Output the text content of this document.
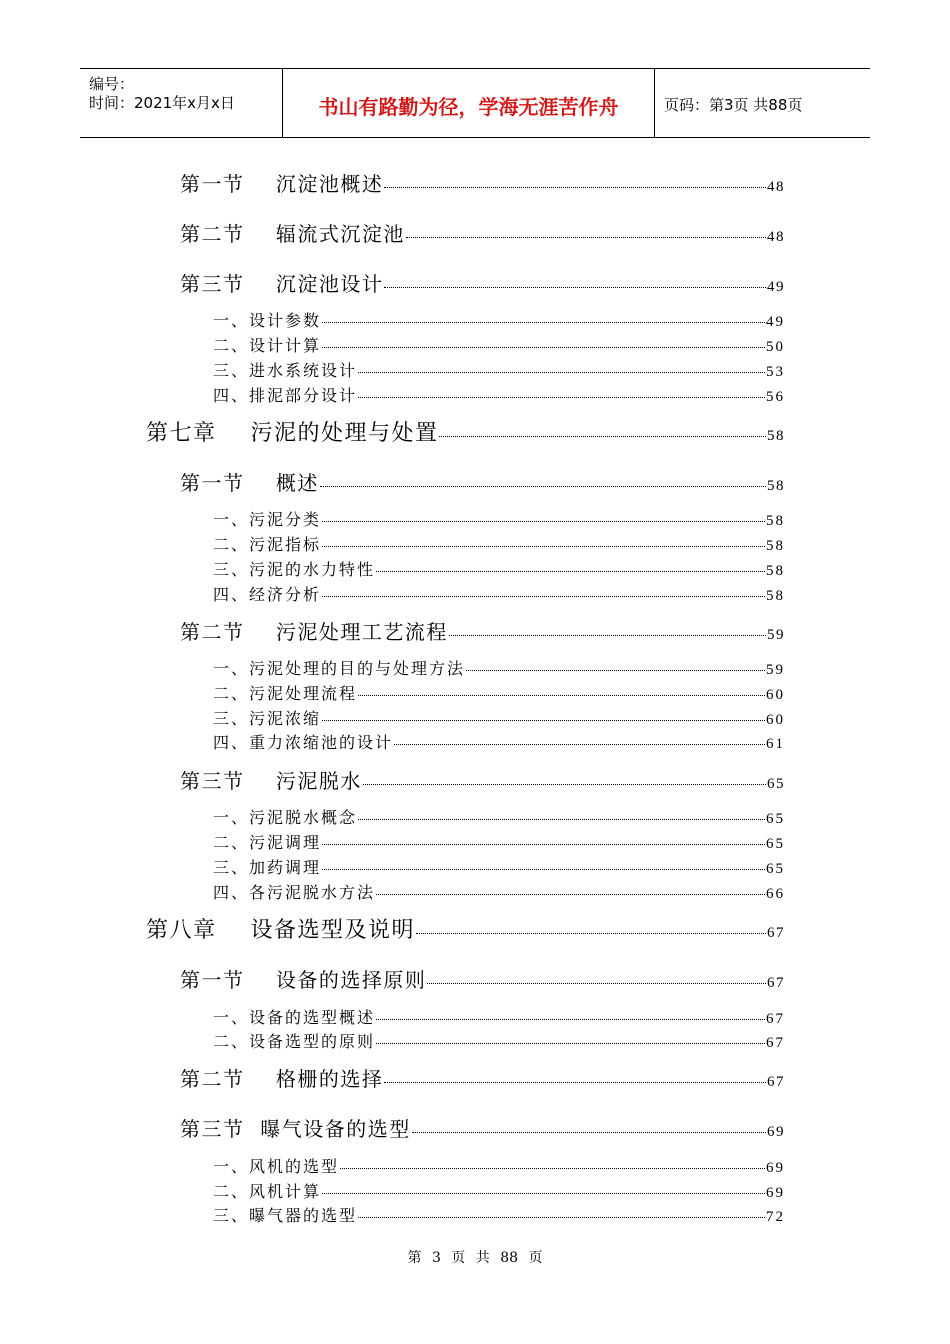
编号：
时间：2021年x月x日	书山有路勤为径，学海无涯苦作舟	页码：第3页 共88页
第一节    沉淀池概述	48
第二节    辐流式沉淀池	48
第三节    沉淀池设计	49
一、设计参数	49
二、设计计算	50
三、进水系统设计	53
四、排泥部分设计	56
第七章    污泥的处理与处置	58
第一节    概述	58
一、污泥分类	58
二、污泥指标	58
三、污泥的水力特性	58
四、经济分析	58
第二节    污泥处理工艺流程	59
一、污泥处理的目的与处理方法	59
二、污泥处理流程	60
三、污泥浓缩	60
四、重力浓缩池的设计	61
第三节    污泥脱水	65
一、污泥脱水概念	65
二、污泥调理	65
三、加药调理	65
四、各污泥脱水方法	66
第八章    设备选型及说明	67
第一节    设备的选择原则	67
一、设备的选型概述	67
二、设备选型的原则	67
第二节    格栅的选择	67
第三节  曝气设备的选型	69
一、风机的选型	69
二、风机计算	69
三、曝气器的选型	72
第 3 页 共 88 页
